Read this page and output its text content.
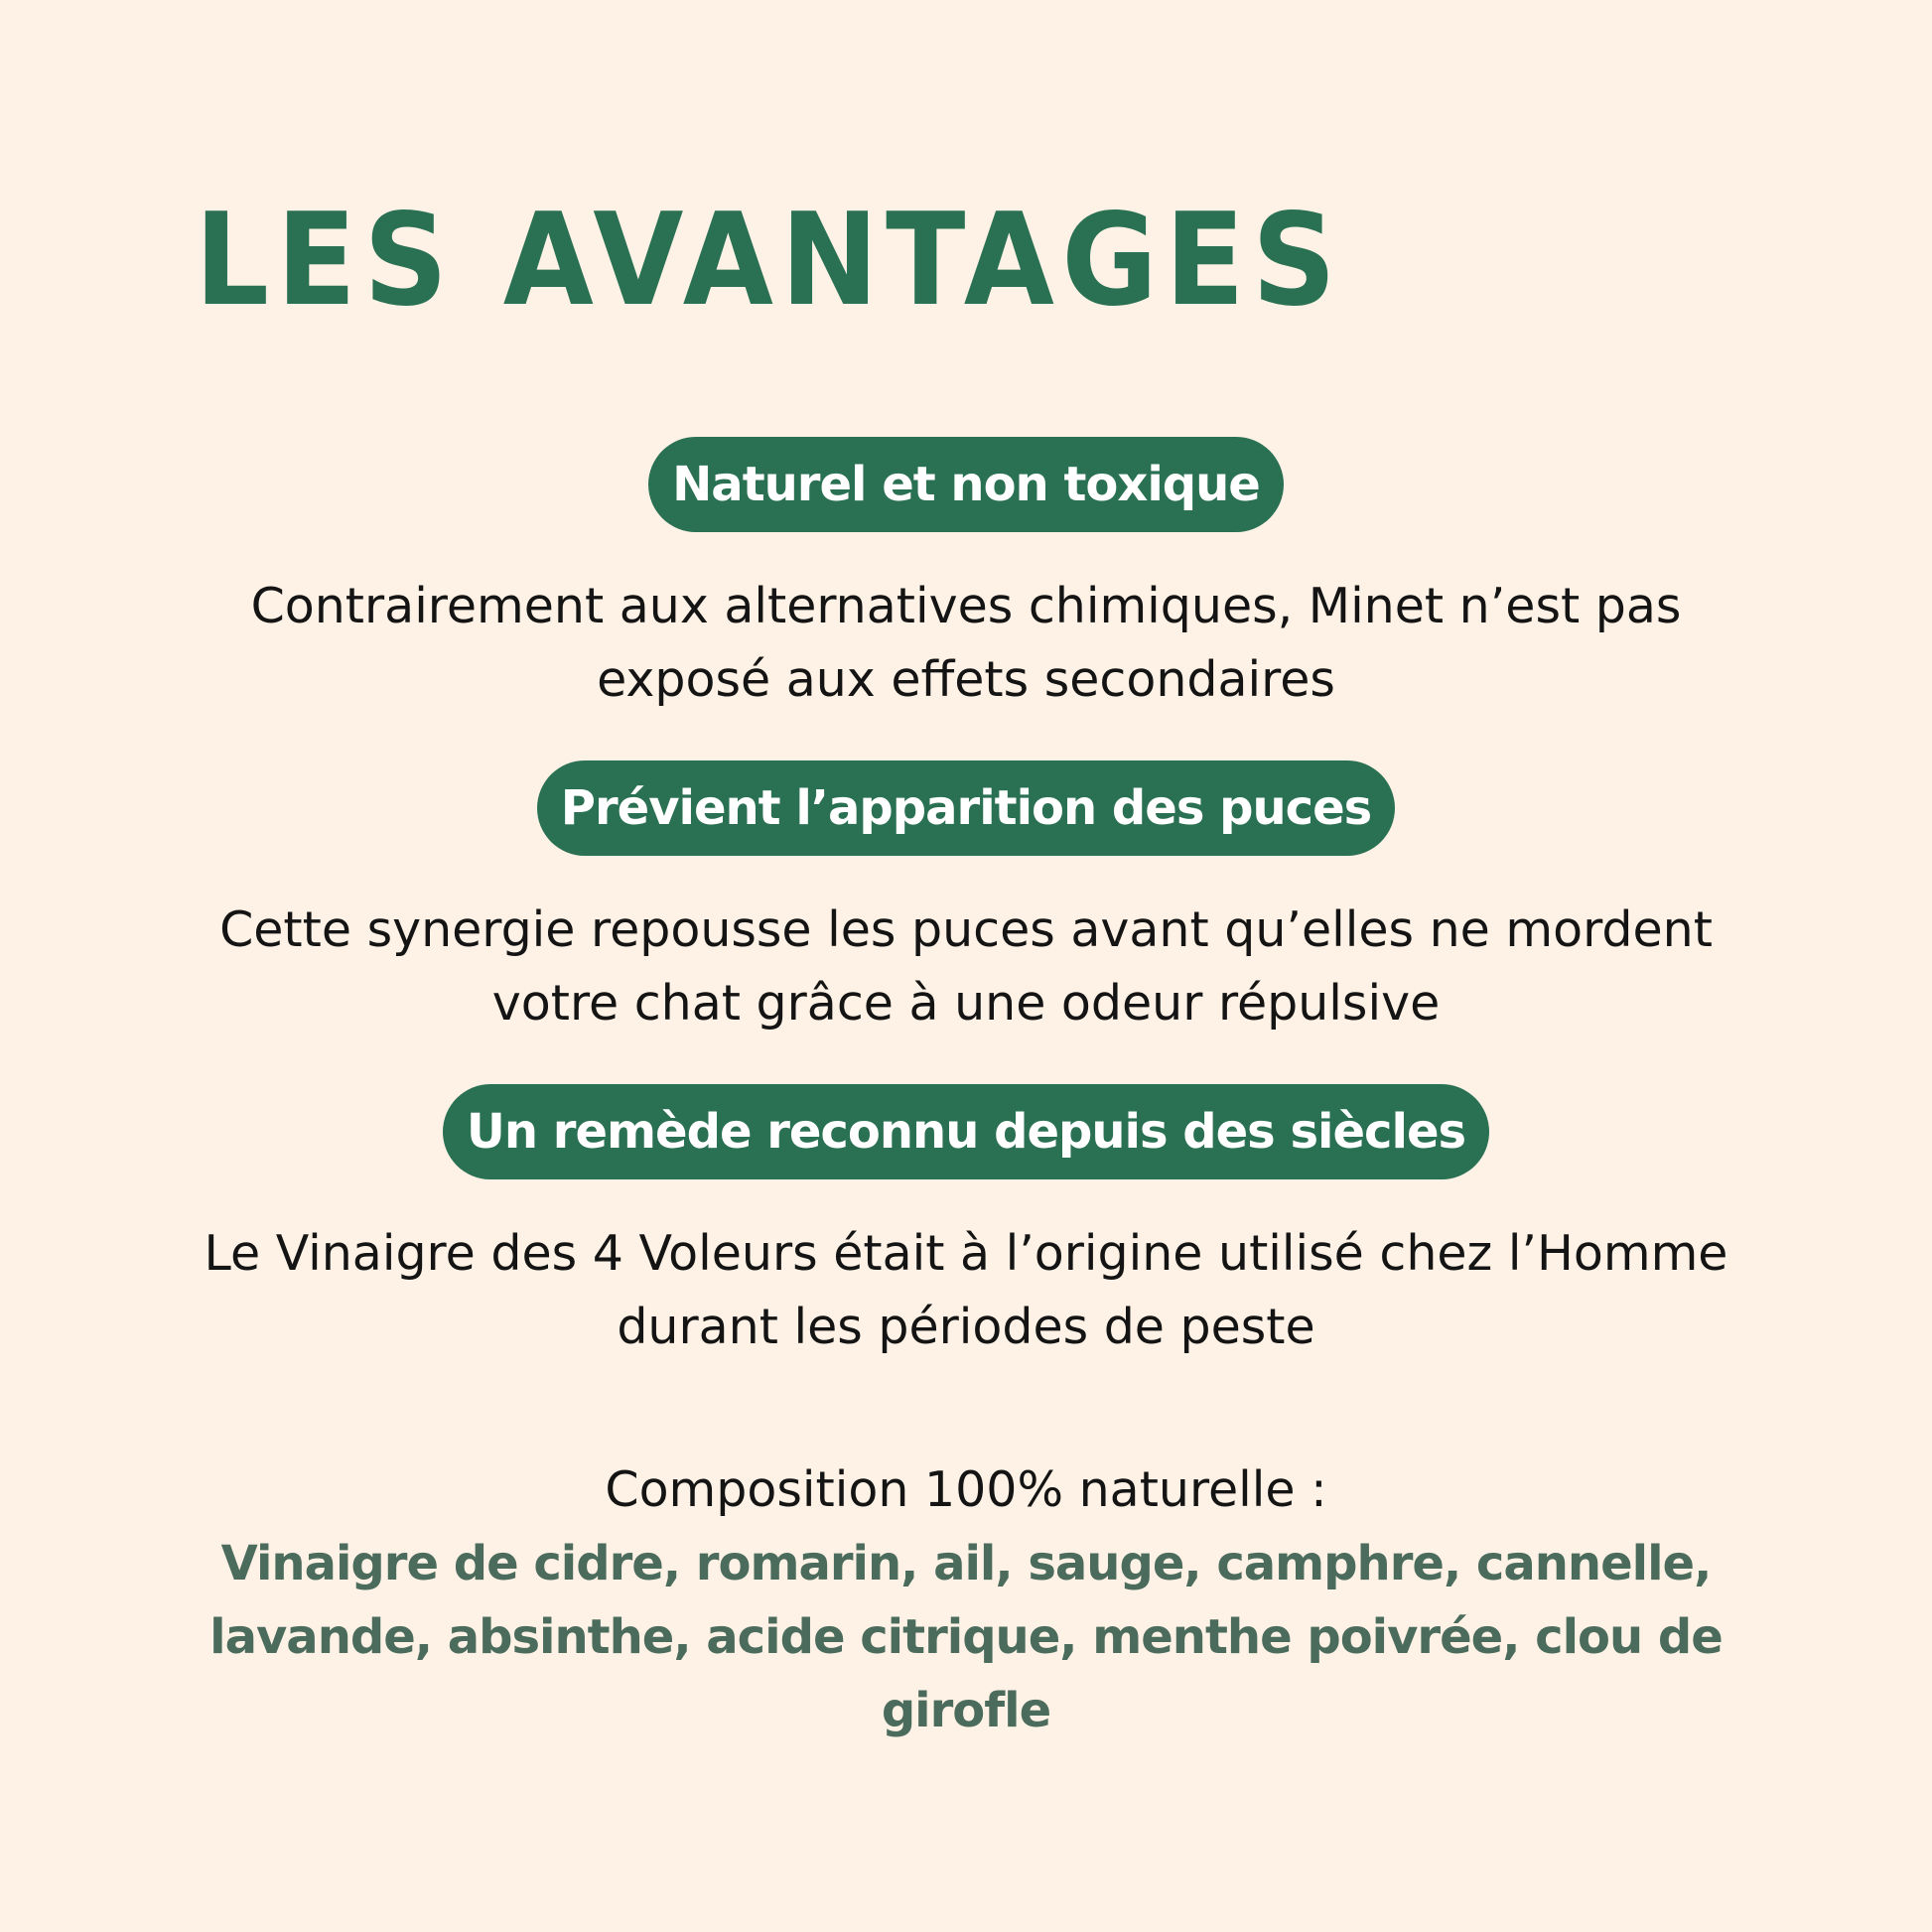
LES AVANTAGES
Naturel et non toxique

Contrairement aux alternatives chimiques, Minet n’est pas exposé aux effets secondaires

Prévient l’apparition des puces

Cette synergie repousse les puces avant qu’elles ne mordent votre chat grâce à une odeur répulsive

Un remède reconnu depuis des siècles

Le Vinaigre des 4 Voleurs était à l’origine utilisé chez l’Homme durant les périodes de peste

Composition 100% naturelle :

Vinaigre de cidre, romarin, ail, sauge, camphre, cannelle, lavande, absinthe, acide citrique, menthe poivrée, clou de girofle
